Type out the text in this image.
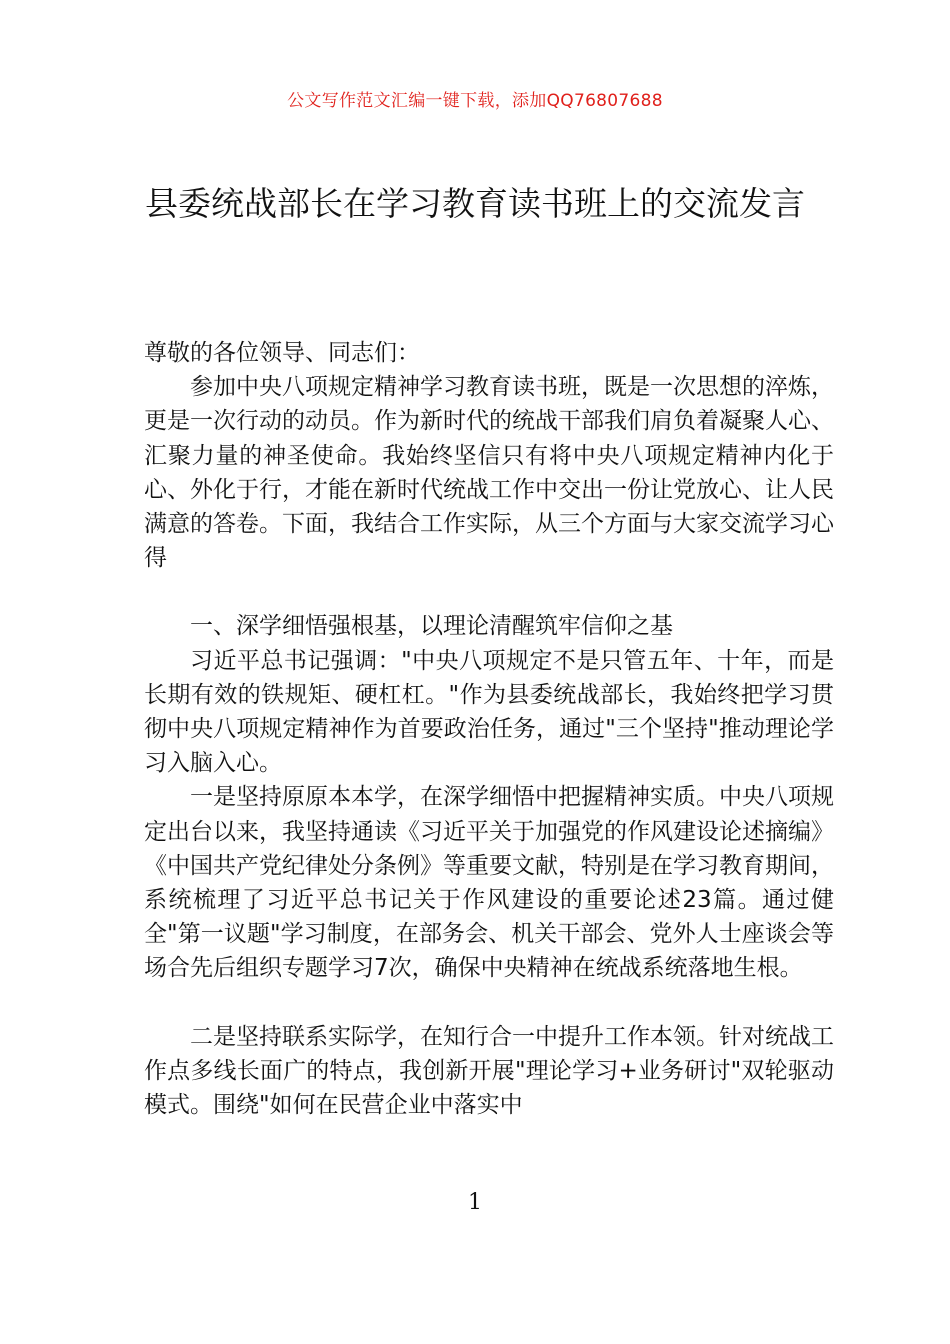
公文写作范文汇编一键下载，添加QQ76807688
县委统战部长在学习教育读书班上的交流发言

尊敬的各位领导、同志们：

参加中央八项规定精神学习教育读书班，既是一次思想的淬炼，更是一次行动的动员。作为新时代的统战干部我们肩负着凝聚人心、汇聚力量的神圣使命。我始终坚信只有将中央八项规定精神内化于心、外化于行，才能在新时代统战工作中交出一份让党放心、让人民满意的答卷。下面，我结合工作实际，从三个方面与大家交流学习心得

一、深学细悟强根基，以理论清醒筑牢信仰之基

习近平总书记强调："中央八项规定不是只管五年、十年，而是长期有效的铁规矩、硬杠杠。"作为县委统战部长，我始终把学习贯彻中央八项规定精神作为首要政治任务，通过"三个坚持"推动理论学习入脑入心。

一是坚持原原本本学，在深学细悟中把握精神实质。中央八项规定出台以来，我坚持通读《习近平关于加强党的作风建设论述摘编》《中国共产党纪律处分条例》等重要文献，特别是在学习教育期间，系统梳理了习近平总书记关于作风建设的重要论述23篇。通过健全"第一议题"学习制度，在部务会、机关干部会、党外人士座谈会等场合先后组织专题学习7次，确保中央精神在统战系统落地生根。

二是坚持联系实际学，在知行合一中提升工作本领。针对统战工作点多线长面广的特点，我创新开展"理论学习+业务研讨"双轮驱动模式。围绕"如何在民营企业中落实中

1
